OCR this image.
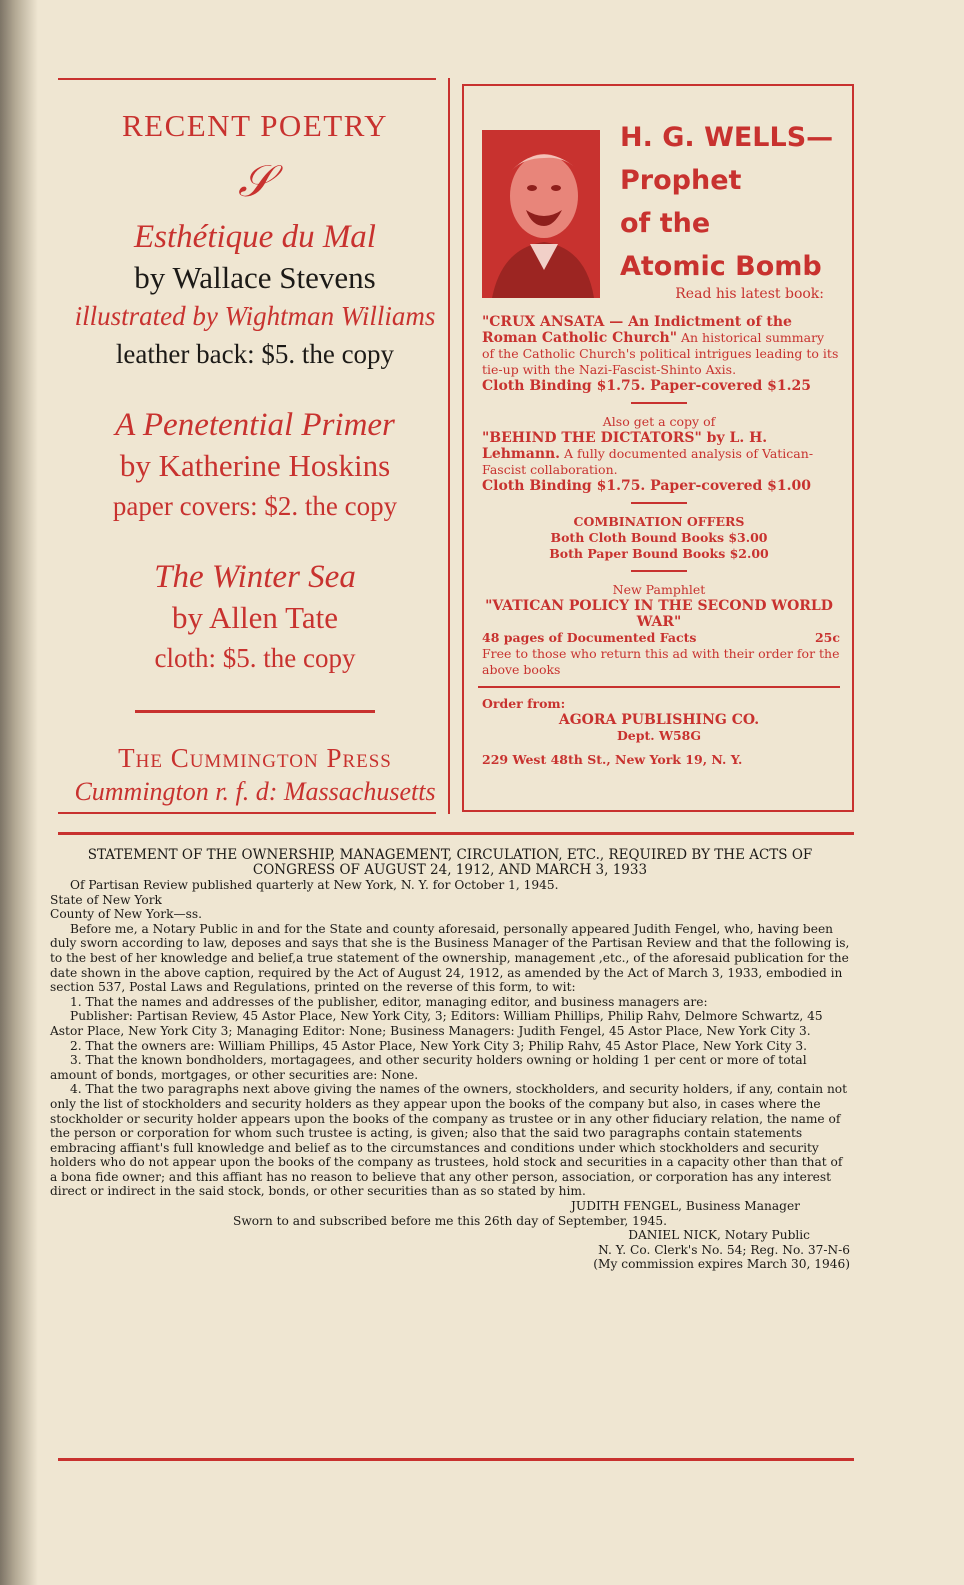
RECENT POETRY
𝒮
Esthétique du Mal
by Wallace Stevens
illustrated by Wightman Williams
leather back: $5. the copy
A Penetential Primer
by Katherine Hoskins
paper covers: $2. the copy
The Winter Sea
by Allen Tate
cloth: $5. the copy
The Cummington Press
Cummington r. f. d: Massachusetts
H. G. WELLS—
Prophet
of the
Atomic Bomb
Read his latest book:
"CRUX ANSATA — An Indictment of the Roman Catholic Church" An historical summary of the Catholic Church's political intrigues leading to its tie-up with the Nazi-Fascist-Shinto Axis.
Cloth Binding $1.75. Paper-covered $1.25
Also get a copy of
"BEHIND THE DICTATORS" by L. H. Lehmann. A fully documented analysis of Vatican-Fascist collaboration.
Cloth Binding $1.75. Paper-covered $1.00
COMBINATION OFFERS
Both Cloth Bound Books $3.00
Both Paper Bound Books $2.00
New Pamphlet
"VATICAN POLICY IN THE SECOND WORLD WAR"
48 pages of Documented Facts	25c
Free to those who return this ad with their order for the above books
Order from:
AGORA PUBLISHING CO.
Dept. W58G
229 West 48th St., New York 19, N. Y.
STATEMENT OF THE OWNERSHIP, MANAGEMENT, CIRCULATION, ETC., REQUIRED BY THE ACTS OF CONGRESS OF AUGUST 24, 1912, AND MARCH 3, 1933

Of Partisan Review published quarterly at New York, N. Y. for October 1, 1945.

State of New York

County of New York—ss.

Before me, a Notary Public in and for the State and county aforesaid, personally appeared Judith Fengel, who, having been duly sworn according to law, deposes and says that she is the Business Manager of the Partisan Review and that the following is, to the best of her knowledge and belief,a true statement of the ownership, management ,etc., of the aforesaid publication for the date shown in the above caption, required by the Act of August 24, 1912, as amended by the Act of March 3, 1933, embodied in section 537, Postal Laws and Regulations, printed on the reverse of this form, to wit:

1. That the names and addresses of the publisher, editor, managing editor, and business managers are:

Publisher: Partisan Review, 45 Astor Place, New York City, 3; Editors: William Phillips, Philip Rahv, Delmore Schwartz, 45 Astor Place, New York City 3; Managing Editor: None; Business Managers: Judith Fengel, 45 Astor Place, New York City 3.

2. That the owners are: William Phillips, 45 Astor Place, New York City 3; Philip Rahv, 45 Astor Place, New York City 3.

3. That the known bondholders, mortagagees, and other security holders owning or holding 1 per cent or more of total amount of bonds, mortgages, or other securities are: None.

4. That the two paragraphs next above giving the names of the owners, stockholders, and security holders, if any, contain not only the list of stockholders and security holders as they appear upon the books of the company but also, in cases where the stockholder or security holder appears upon the books of the company as trustee or in any other fiduciary relation, the name of the person or corporation for whom such trustee is acting, is given; also that the said two paragraphs contain statements embracing affiant's full knowledge and belief as to the circumstances and conditions under which stockholders and security holders who do not appear upon the books of the company as trustees, hold stock and securities in a capacity other than that of a bona fide owner; and this affiant has no reason to believe that any other person, association, or corporation has any interest direct or indirect in the said stock, bonds, or other securities than as so stated by him.

JUDITH FENGEL, Business Manager

Sworn to and subscribed before me this 26th day of September, 1945.

DANIEL NICK, Notary Public

N. Y. Co. Clerk's No. 54; Reg. No. 37-N-6

(My commission expires March 30, 1946)
